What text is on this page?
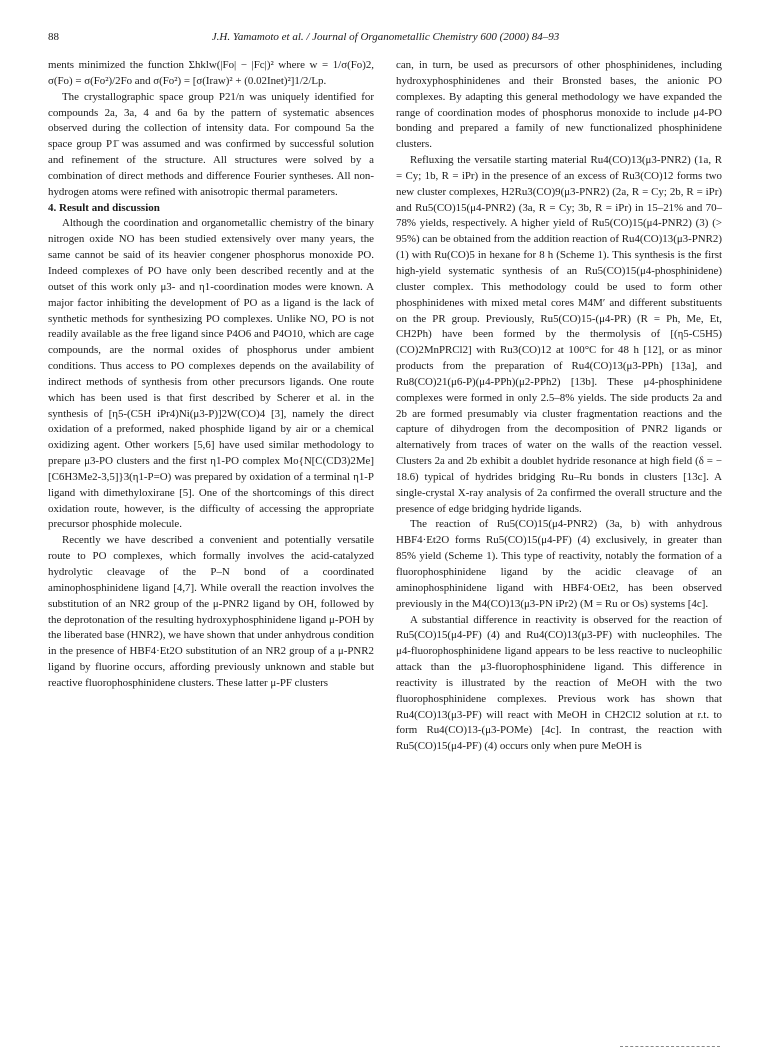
88	J.H. Yamamoto et al. / Journal of Organometallic Chemistry 600 (2000) 84–93

ments minimized the function Σhklw(|Fo| − |Fc|)² where w = 1/σ(Fo)2, σ(Fo) = σ(Fo²)/2Fo and σ(Fo²) = [σ(Iraw)² + (0.02Inet)²]1/2/Lp.

The crystallographic space group P21/n was uniquely identified for compounds 2a, 3a, 4 and 6a by the pattern of systematic absences observed during the collection of intensity data. For compound 5a the space group P1̄ was assumed and was confirmed by successful solution and refinement of the structure. All structures were solved by a combination of direct methods and difference Fourier syntheses. All non-hydrogen atoms were refined with anisotropic thermal parameters.

4. Result and discussion

Although the coordination and organometallic chemistry of the binary nitrogen oxide NO has been studied extensively over many years, the same cannot be said of its heavier congener phosphorus monoxide PO. Indeed complexes of PO have only been described recently and at the outset of this work only μ3- and η1-coordination modes were known. A major factor inhibiting the development of PO as a ligand is the lack of synthetic methods for synthesizing PO complexes. Unlike NO, PO is not readily available as the free ligand since P4O6 and P4O10, which are cage compounds, are the normal oxides of phosphorus under ambient conditions. Thus access to PO complexes depends on the availability of indirect methods of synthesis from other precursors ligands. One route which has been used is that first described by Scherer et al. in the synthesis of [η5-(C5H iPr4)Ni(μ3-P)]2W(CO)4 [3], namely the direct oxidation of a preformed, naked phosphide ligand by air or a chemical oxidizing agent. Other workers [5,6] have used similar methodology to prepare μ3-PO clusters and the first η1-PO complex Mo{N[C(CD3)2Me][C6H3Me2-3,5]}3(η1-P=O) was prepared by oxidation of a terminal η1-P ligand with dimethyloxirane [5]. One of the shortcomings of this direct oxidation route, however, is the difficulty of accessing the appropriate precursor phosphide molecule.

Recently we have described a convenient and potentially versatile route to PO complexes, which formally involves the acid-catalyzed hydrolytic cleavage of the P–N bond of a coordinated aminophosphinidene ligand [4,7]. While overall the reaction involves the substitution of an NR2 group of the μ-PNR2 ligand by OH, followed by the deprotonation of the resulting hydroxyphosphinidene ligand μ-POH by the liberated base (HNR2), we have shown that under anhydrous condition in the presence of HBF4·Et2O substitution of an NR2 group of a μ-PNR2 ligand by fluorine occurs, affording previously unknown and stable but reactive fluorophosphinidene clusters. These latter μ-PF clusters

can, in turn, be used as precursors of other phosphinidenes, including hydroxyphosphinidenes and their Bronsted bases, the anionic PO complexes. By adapting this general methodology we have expanded the range of coordination modes of phosphorus monoxide to include μ4-PO bonding and prepared a family of new functionalized phosphinidene clusters.

Refluxing the versatile starting material Ru4(CO)13(μ3-PNR2) (1a, R = Cy; 1b, R = iPr) in the presence of an excess of Ru3(CO)12 forms two new cluster complexes, H2Ru3(CO)9(μ3-PNR2) (2a, R = Cy; 2b, R = iPr) and Ru5(CO)15(μ4-PNR2) (3a, R = Cy; 3b, R = iPr) in 15–21% and 70–78% yields, respectively. A higher yield of Ru5(CO)15(μ4-PNR2) (3) (> 95%) can be obtained from the addition reaction of Ru4(CO)13(μ3-PNR2) (1) with Ru(CO)5 in hexane for 8 h (Scheme 1). This synthesis is the first high-yield systematic synthesis of an Ru5(CO)15(μ4-phosphinidene) cluster complex. This methodology could be used to form other phosphinidenes with mixed metal cores M4M′ and different substituents on the PR group. Previously, Ru5(CO)15-(μ4-PR) (R = Ph, Me, Et, CH2Ph) have been formed by the thermolysis of [(η5-C5H5)(CO)2MnPRCl2] with Ru3(CO)12 at 100°C for 48 h [12], or as minor products from the preparation of Ru4(CO)13(μ3-PPh) [13a], and Ru8(CO)21(μ6-P)(μ4-PPh)(μ2-PPh2) [13b]. These μ4-phosphinidene complexes were formed in only 2.5–8% yields. The side products 2a and 2b are formed presumably via cluster fragmentation reactions and the capture of dihydrogen from the decomposition of PNR2 ligands or alternatively from traces of water on the walls of the reaction vessel. Clusters 2a and 2b exhibit a doublet hydride resonance at high field (δ = − 18.6) typical of hydrides bridging Ru–Ru bonds in clusters [13c]. A single-crystal X-ray analysis of 2a confirmed the overall structure and the presence of edge bridging hydride ligands.

The reaction of Ru5(CO)15(μ4-PNR2) (3a, b) with anhydrous HBF4·Et2O forms Ru5(CO)15(μ4-PF) (4) exclusively, in greater than 85% yield (Scheme 1). This type of reactivity, notably the formation of a fluorophosphinidene ligand by the acidic cleavage of an aminophosphinidene ligand with HBF4·OEt2, has been observed previously in the M4(CO)13(μ3-PN iPr2) (M = Ru or Os) systems [4c].

A substantial difference in reactivity is observed for the reaction of Ru5(CO)15(μ4-PF) (4) and Ru4(CO)13(μ3-PF) with nucleophiles. The μ4-fluorophosphinidene ligand appears to be less reactive to nucleophilic attack than the μ3-fluorophosphinidene ligand. This difference in reactivity is illustrated by the reaction of MeOH with the two fluorophosphinidene complexes. Previous work has shown that Ru4(CO)13(μ3-PF) will react with MeOH in CH2Cl2 solution at r.t. to form Ru4(CO)13-(μ3-POMe) [4c]. In contrast, the reaction with Ru5(CO)15(μ4-PF) (4) occurs only when pure MeOH is
